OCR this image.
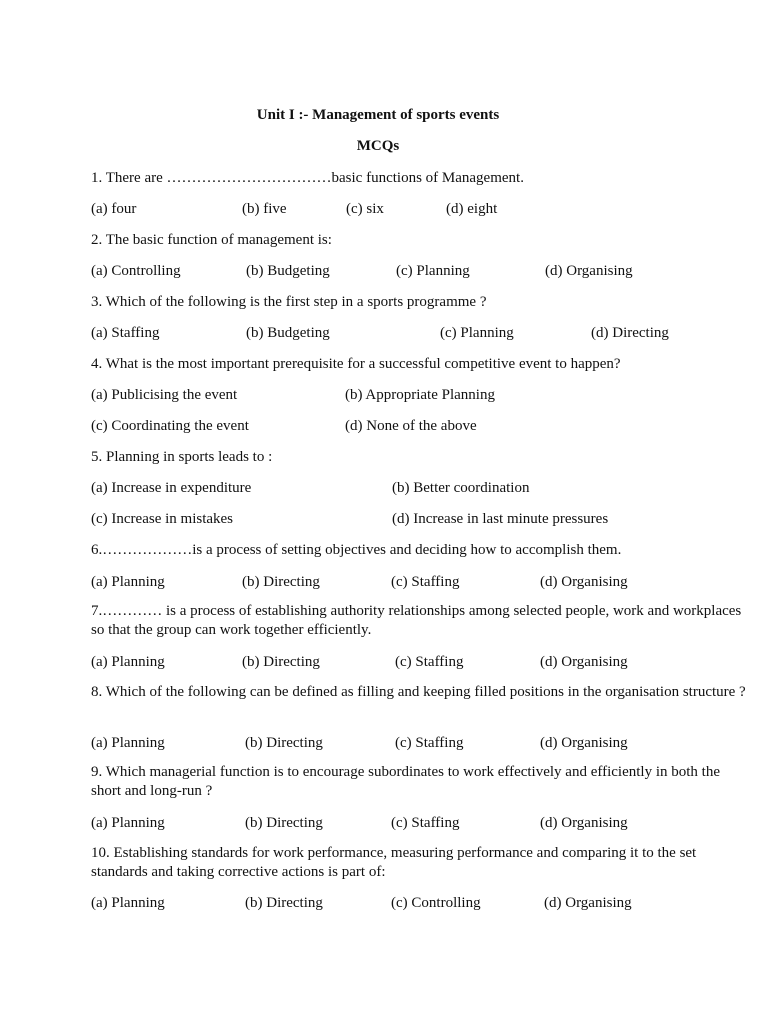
Unit I :- Management of sports events
MCQs
1. There are ……………………………basic functions of Management.
(a) four	(b) five	(c) six	(d) eight
2. The basic function of management is:
(a) Controlling	(b) Budgeting	(c) Planning	(d) Organising
3. Which of the following is the first step in a sports programme ?
(a) Staffing	(b) Budgeting	(c) Planning	(d) Directing
4. What is the most important prerequisite for a successful competitive event to happen?
(a) Publicising the event	(b) Appropriate Planning
(c) Coordinating the event	(d) None of the above
5. Planning in sports leads to :
(a) Increase in expenditure	(b) Better coordination
(c) Increase in mistakes	(d) Increase in last minute pressures
6.………………is a process of setting objectives and deciding how to accomplish them.
(a) Planning	(b) Directing	(c) Staffing	(d) Organising
7.………… is a process of establishing authority relationships among selected people, work and workplaces so that the group can work together efficiently.
(a) Planning	(b) Directing	(c) Staffing	(d) Organising
8. Which of the following can be defined as filling and keeping filled positions in the organisation structure ?
(a) Planning	(b) Directing	(c) Staffing	(d) Organising
9. Which managerial function is to encourage subordinates to work effectively and efficiently in both the short and long-run ?
(a) Planning	(b) Directing	(c) Staffing	(d) Organising
10. Establishing standards for work performance, measuring performance and comparing it to the set standards and taking corrective actions is part of:
(a) Planning	(b) Directing	(c) Controlling	(d) Organising
